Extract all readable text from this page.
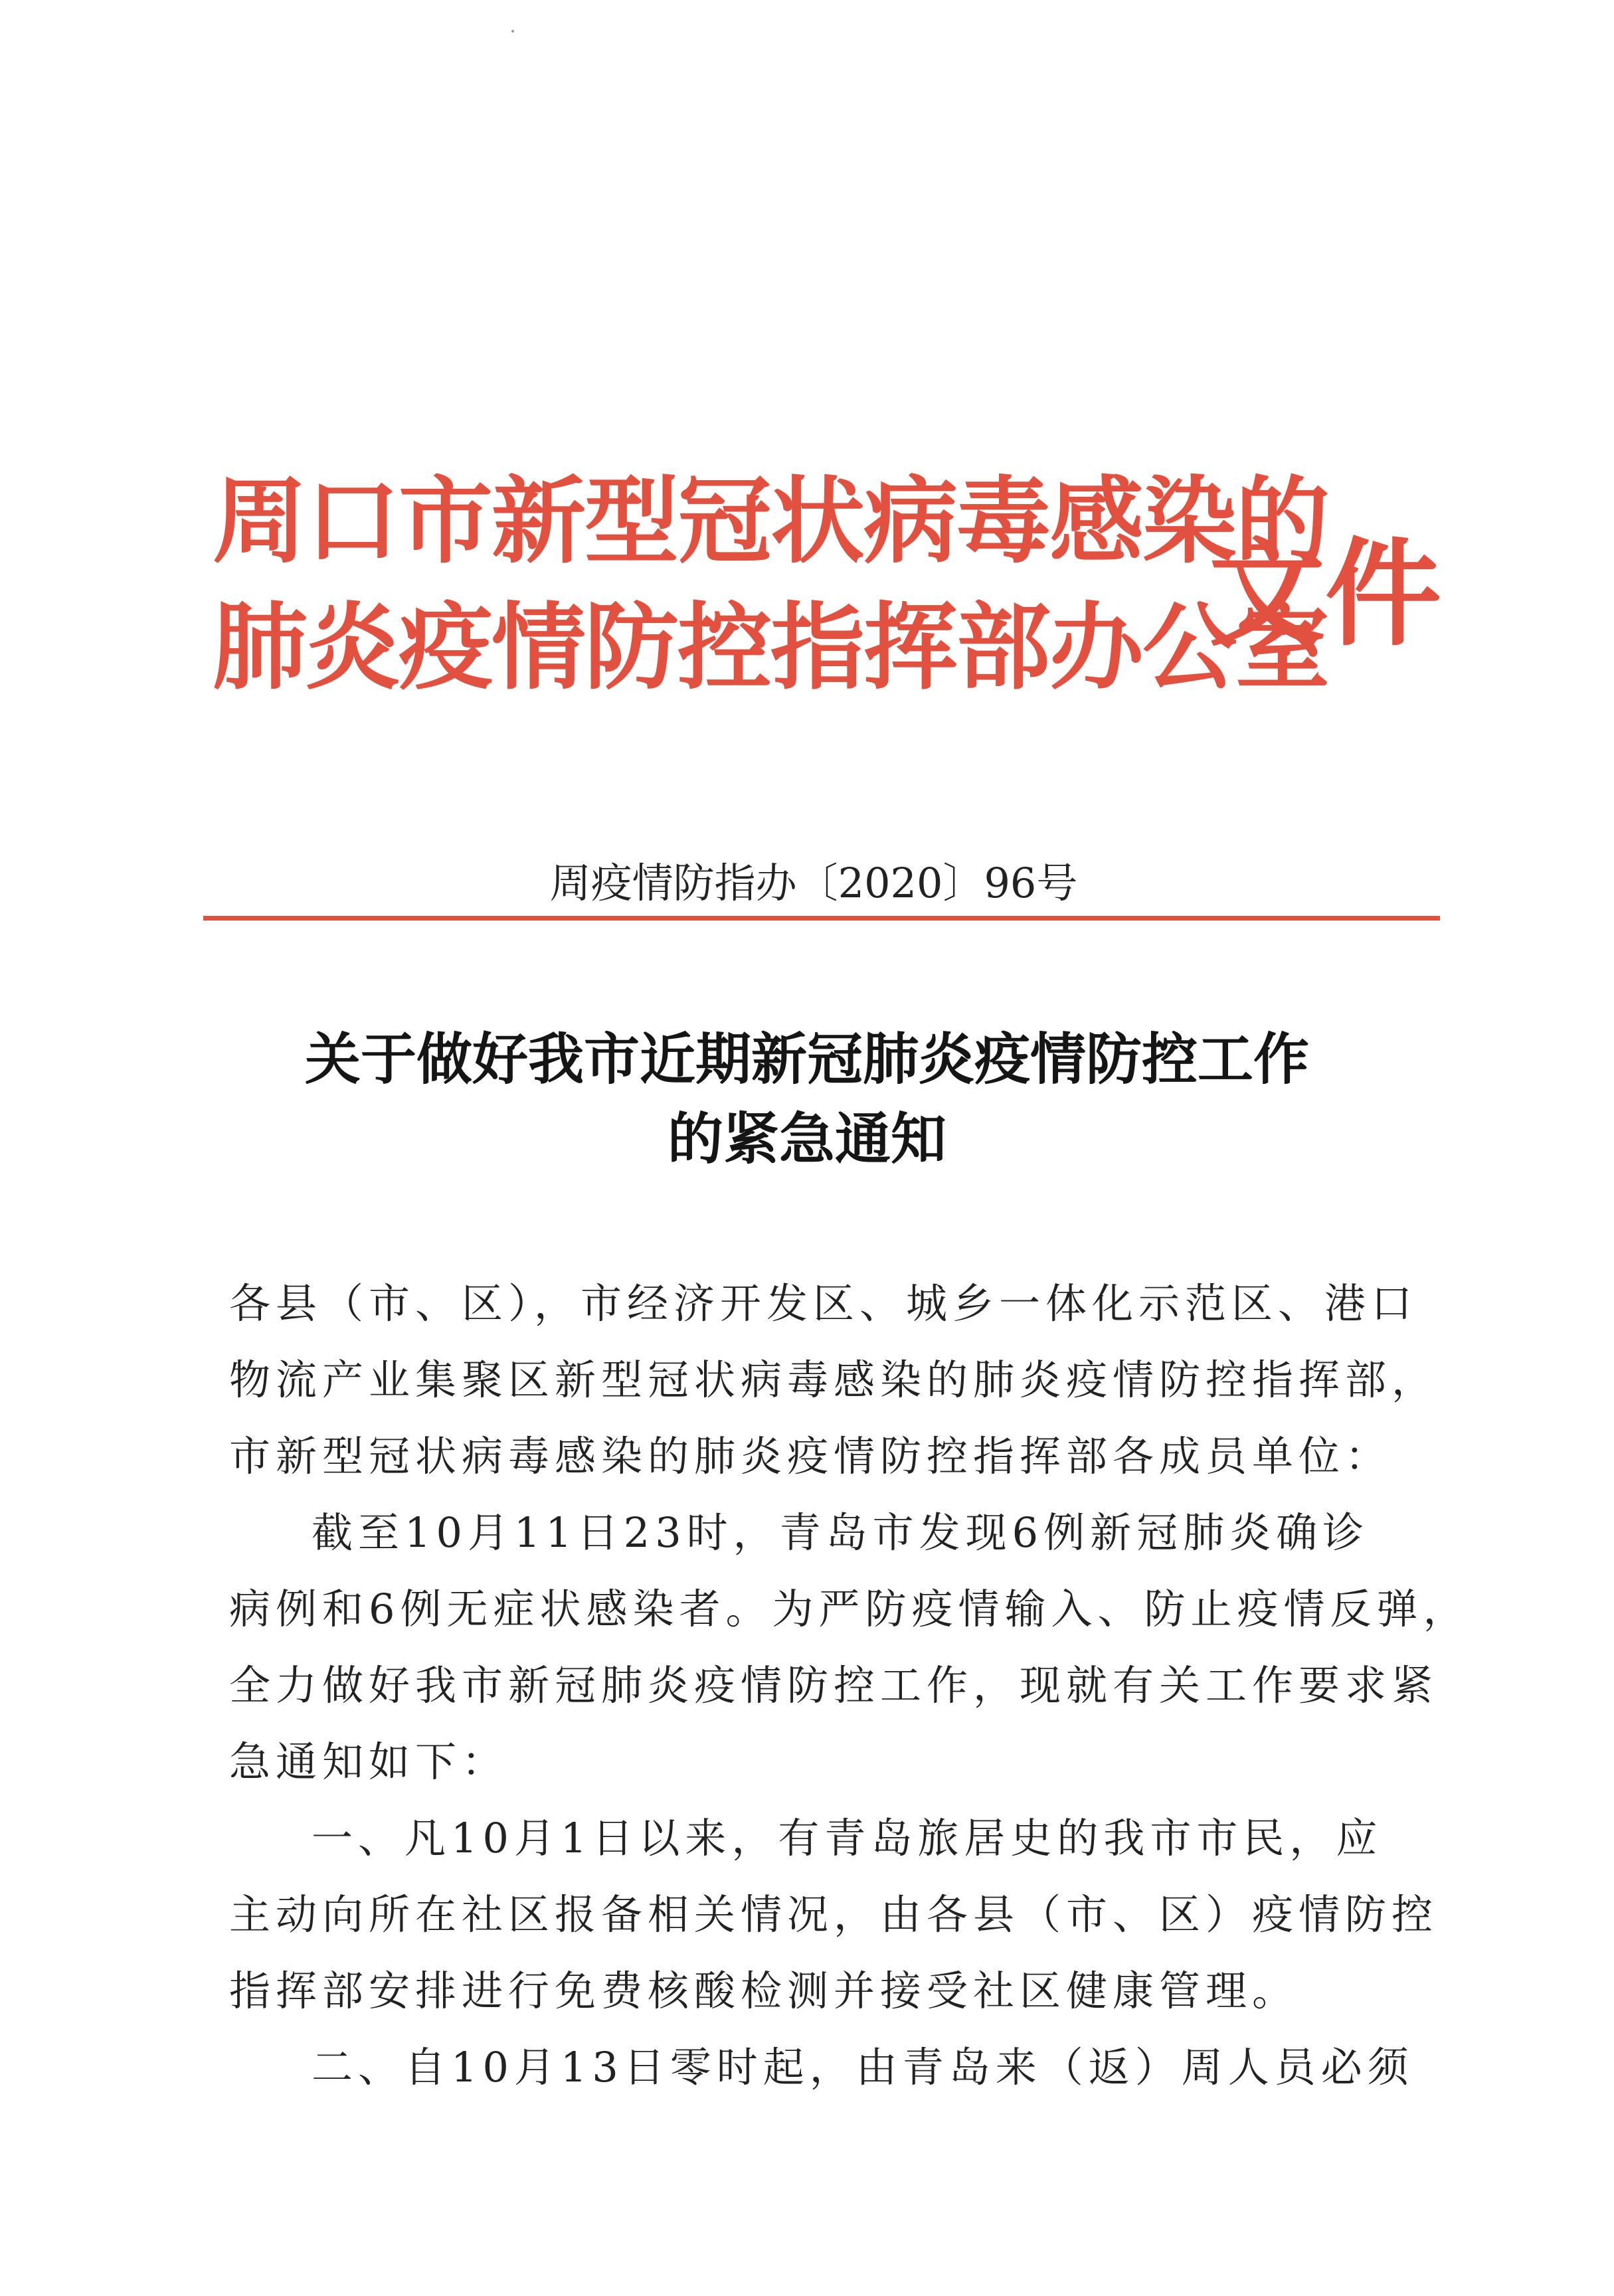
周口市新型冠状病毒感染的
肺炎疫情防控指挥部办公室
文件
周疫情防指办〔2020〕96号
关于做好我市近期新冠肺炎疫情防控工作
的紧急通知

各县（市、区），市经济开发区、城乡一体化示范区、港口

物流产业集聚区新型冠状病毒感染的肺炎疫情防控指挥部，

市新型冠状病毒感染的肺炎疫情防控指挥部各成员单位：

截至10月11日23时，青岛市发现6例新冠肺炎确诊

病例和6例无症状感染者。为严防疫情输入、防止疫情反弹，

全力做好我市新冠肺炎疫情防控工作，现就有关工作要求紧

急通知如下：

一、凡10月1日以来，有青岛旅居史的我市市民，应

主动向所在社区报备相关情况，由各县（市、区）疫情防控

指挥部安排进行免费核酸检测并接受社区健康管理。

二、自10月13日零时起，由青岛来（返）周人员必须
